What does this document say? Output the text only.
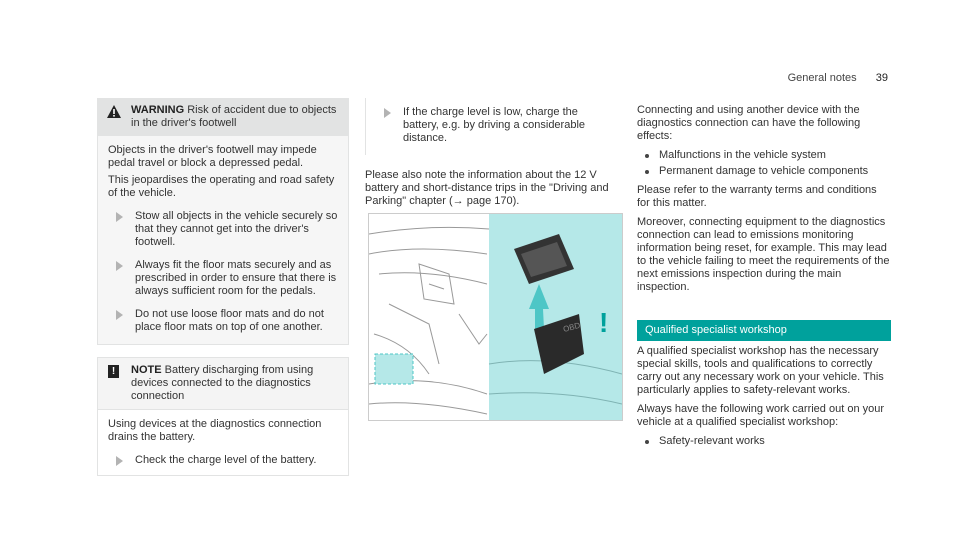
General notes 39
WARNING Risk of accident due to objects in the driver's footwell

Objects in the driver's footwell may impede pedal travel or block a depressed pedal.

This jeopardises the operating and road safety of the vehicle.

Stow all objects in the vehicle securely so that they cannot get into the driver's footwell.
Always fit the floor mats securely and as prescribed in order to ensure that there is always sufficient room for the pedals.
Do not use loose floor mats and do not place floor mats on top of one another.
!	NOTE Battery discharging from using devices connected to the diagnostics connection

Using devices at the diagnostics connection drains the battery.

Check the charge level of the battery.
If the charge level is low, charge the battery, e.g. by driving a considerable distance.
Please also note the information about the 12 V battery and short-distance trips in the "Driving and Parking" chapter (→ page 170).
OBD !

Connecting and using another device with the diagnostics connection can have the following effects:

Malfunctions in the vehicle system
Permanent damage to vehicle components

Please refer to the warranty terms and conditions for this matter.

Moreover, connecting equipment to the diagnostics connection can lead to emissions monitoring information being reset, for example. This may lead to the vehicle failing to meet the requirements of the next emissions inspection during the main inspection.

Qualified specialist workshop

A qualified specialist workshop has the necessary special skills, tools and qualifications to correctly carry out any necessary work on your vehicle. This particularly applies to safety-relevant works.

Always have the following work carried out on your vehicle at a qualified specialist workshop:

Safety-relevant works
